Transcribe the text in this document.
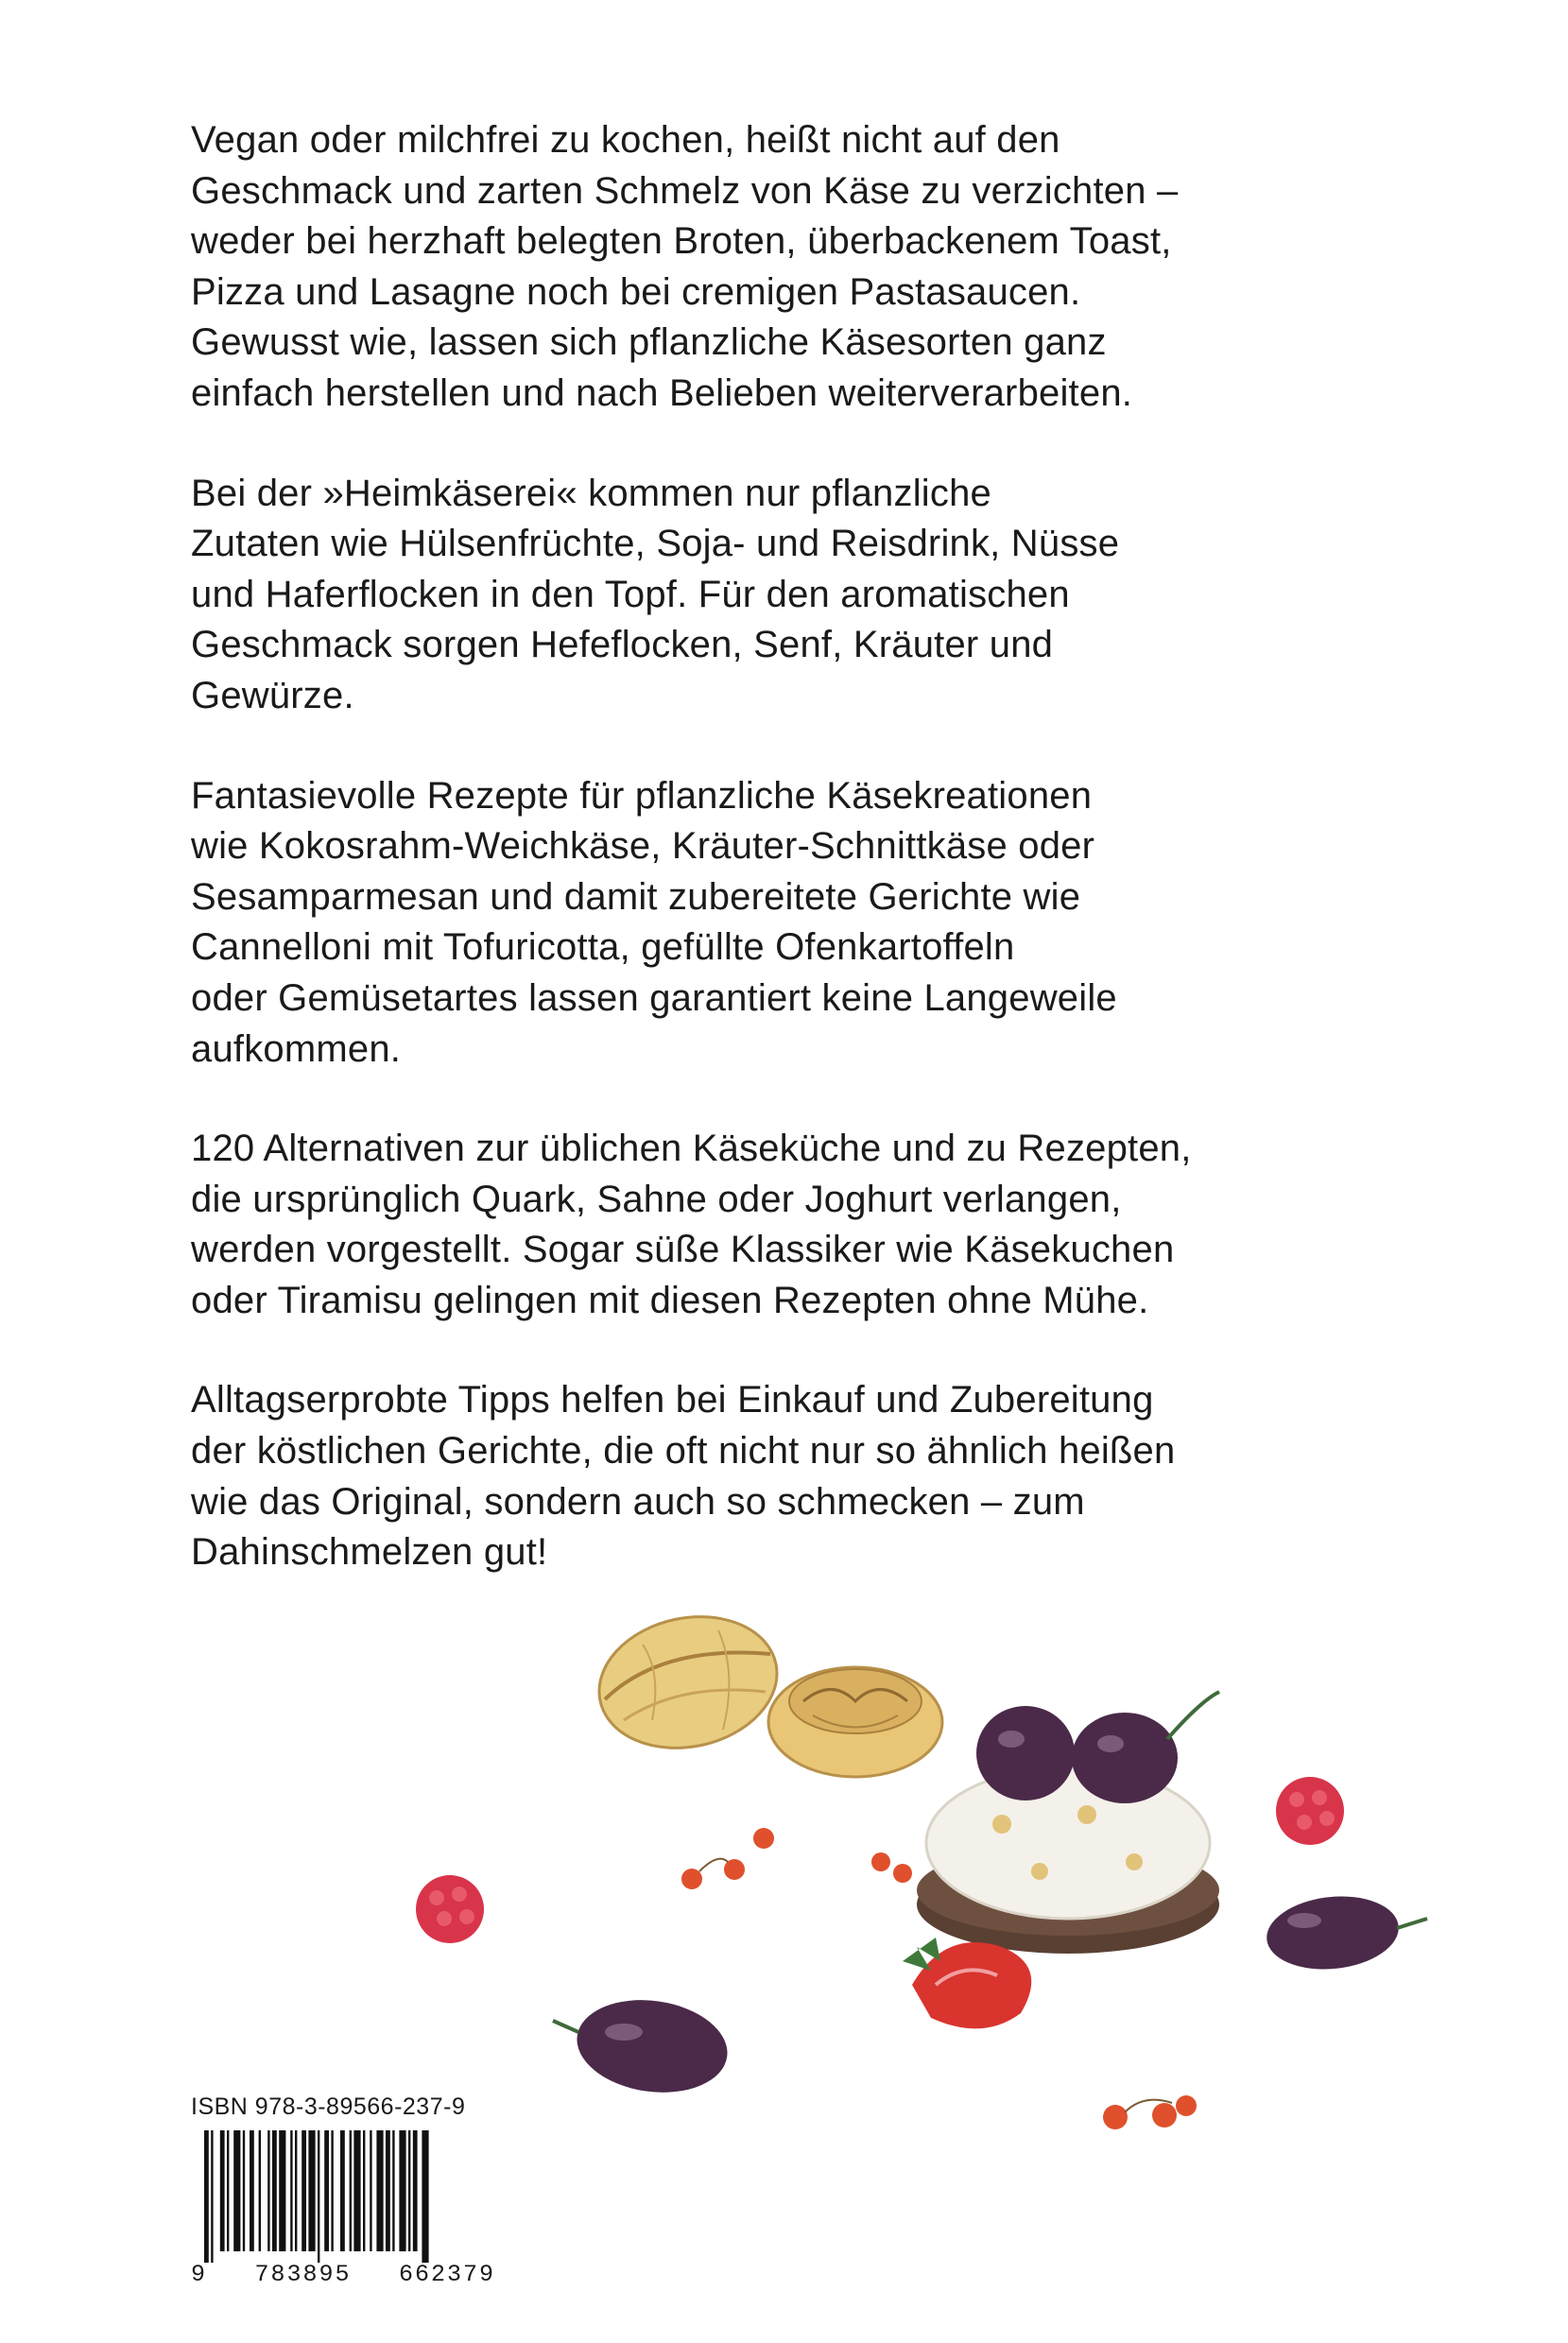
Vegan oder milchfrei zu kochen, heißt nicht auf den
Geschmack und zarten Schmelz von Käse zu verzichten –
weder bei herzhaft belegten Broten, überbackenem Toast,
Pizza und Lasagne noch bei cremigen Pastasaucen.
Gewusst wie, lassen sich pflanzliche Käsesorten ganz
einfach herstellen und nach Belieben weiterverarbeiten.

Bei der »Heimkäserei« kommen nur pflanzliche
Zutaten wie Hülsenfrüchte, Soja- und Reisdrink, Nüsse
und Haferflocken in den Topf. Für den aromatischen
Geschmack sorgen Hefeflocken, Senf, Kräuter und
Gewürze.

Fantasievolle Rezepte für pflanzliche Käsekreationen
wie Kokosrahm-Weichkäse, Kräuter-Schnittkäse oder
Sesamparmesan und damit zubereitete Gerichte wie
Cannelloni mit Tofuricotta, gefüllte Ofenkartoffeln
oder Gemüsetartes lassen garantiert keine Langeweile
aufkommen.

120 Alternativen zur üblichen Käseküche und zu Rezepten,
die ursprünglich Quark, Sahne oder Joghurt verlangen,
werden vorgestellt. Sogar süße Klassiker wie Käsekuchen
oder Tiramisu gelingen mit diesen Rezepten ohne Mühe.

Alltagserprobte Tipps helfen bei Einkauf und Zubereitung
der köstlichen Gerichte, die oft nicht nur so ähnlich heißen
wie das Original, sondern auch so schmecken – zum
Dahinschmelzen gut!

ISBN 978-3-89566-237-9

9 783895 662379
